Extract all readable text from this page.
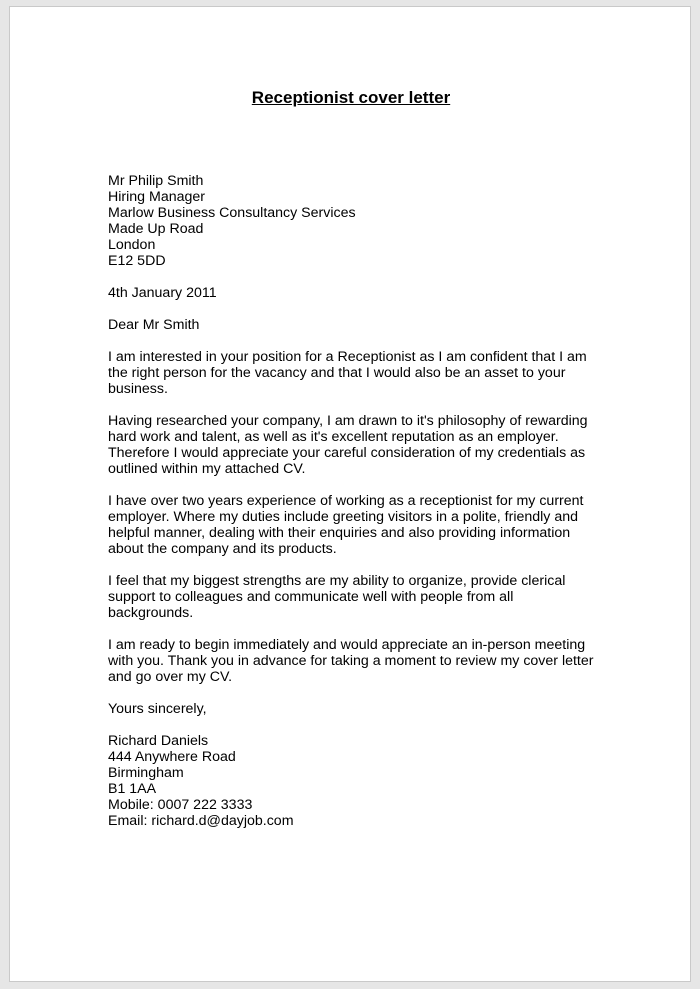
Receptionist cover letter
Mr Philip Smith
Hiring Manager
Marlow Business Consultancy Services
Made Up Road
London
E12 5DD
4th January 2011
Dear Mr Smith
I am interested in your position for a Receptionist as I am confident that I am
the right person for the vacancy and that I would also be an asset to your
business.
Having researched your company, I am drawn to it's philosophy of rewarding
hard work and talent, as well as it's excellent reputation as an employer.
Therefore I would appreciate your careful consideration of my credentials as
outlined within my attached CV.
I have over two years experience of working as a receptionist for my current
employer. Where my duties include greeting visitors in a polite, friendly and
helpful manner, dealing with their enquiries and also providing information
about the company and its products.
I feel that my biggest strengths are my ability to organize, provide clerical
support to colleagues and communicate well with people from all
backgrounds.
I am ready to begin immediately and would appreciate an in-person meeting
with you. Thank you in advance for taking a moment to review my cover letter
and go over my CV.
Yours sincerely,
Richard Daniels
444 Anywhere Road
Birmingham
B1 1AA
Mobile: 0007 222 3333
Email: richard.d@dayjob.com
